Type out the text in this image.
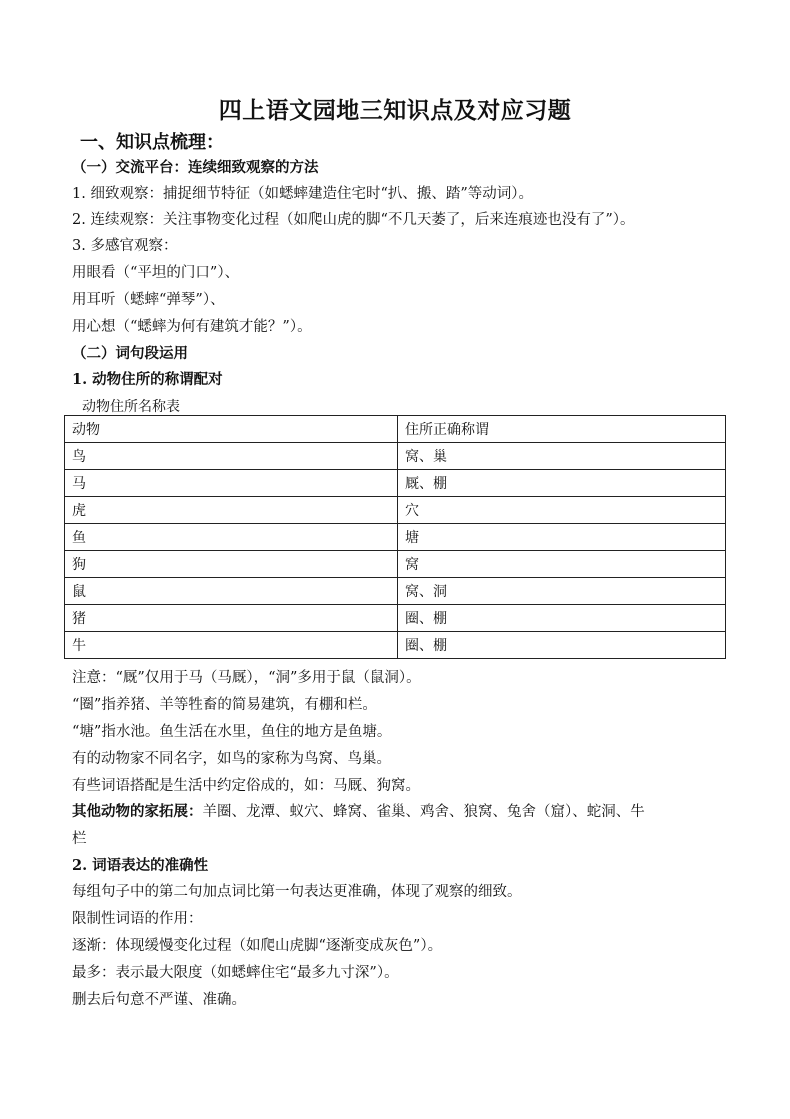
四上语文园地三知识点及对应习题
一、知识点梳理：
（一）交流平台：连续细致观察的方法
1. 细致观察：捕捉细节特征（如蟋蟀建造住宅时“扒、搬、踏”等动词）。
2. 连续观察：关注事物变化过程（如爬山虎的脚“不几天萎了，后来连痕迹也没有了”）。
3. 多感官观察：
用眼看（“平坦的门口”）、
用耳听（蟋蟀“弹琴”）、
用心想（“蟋蟀为何有建筑才能？”）。
（二）词句段运用
1. 动物住所的称谓配对
动物住所名称表
动物	住所正确称谓
鸟	窝、巢
马	厩、棚
虎	穴
鱼	塘
狗	窝
鼠	窝、洞
猪	圈、棚
牛	圈、棚
注意：“厩”仅用于马（马厩），“洞”多用于鼠（鼠洞）。
“圈”指养猪、羊等牲畜的简易建筑，有棚和栏。
“塘”指水池。鱼生活在水里，鱼住的地方是鱼塘。
有的动物家不同名字，如鸟的家称为鸟窝、鸟巢。
有些词语搭配是生活中约定俗成的，如：马厩、狗窝。
其他动物的家拓展：羊圈、龙潭、蚁穴、蜂窝、雀巢、鸡舍、狼窝、兔舍（窟）、蛇洞、牛
栏
2. 词语表达的准确性
每组句子中的第二句加点词比第一句表达更准确，体现了观察的细致。
限制性词语的作用：
逐渐：体现缓慢变化过程（如爬山虎脚“逐渐变成灰色”）。
最多：表示最大限度（如蟋蟀住宅“最多九寸深”）。
删去后句意不严谨、准确。
